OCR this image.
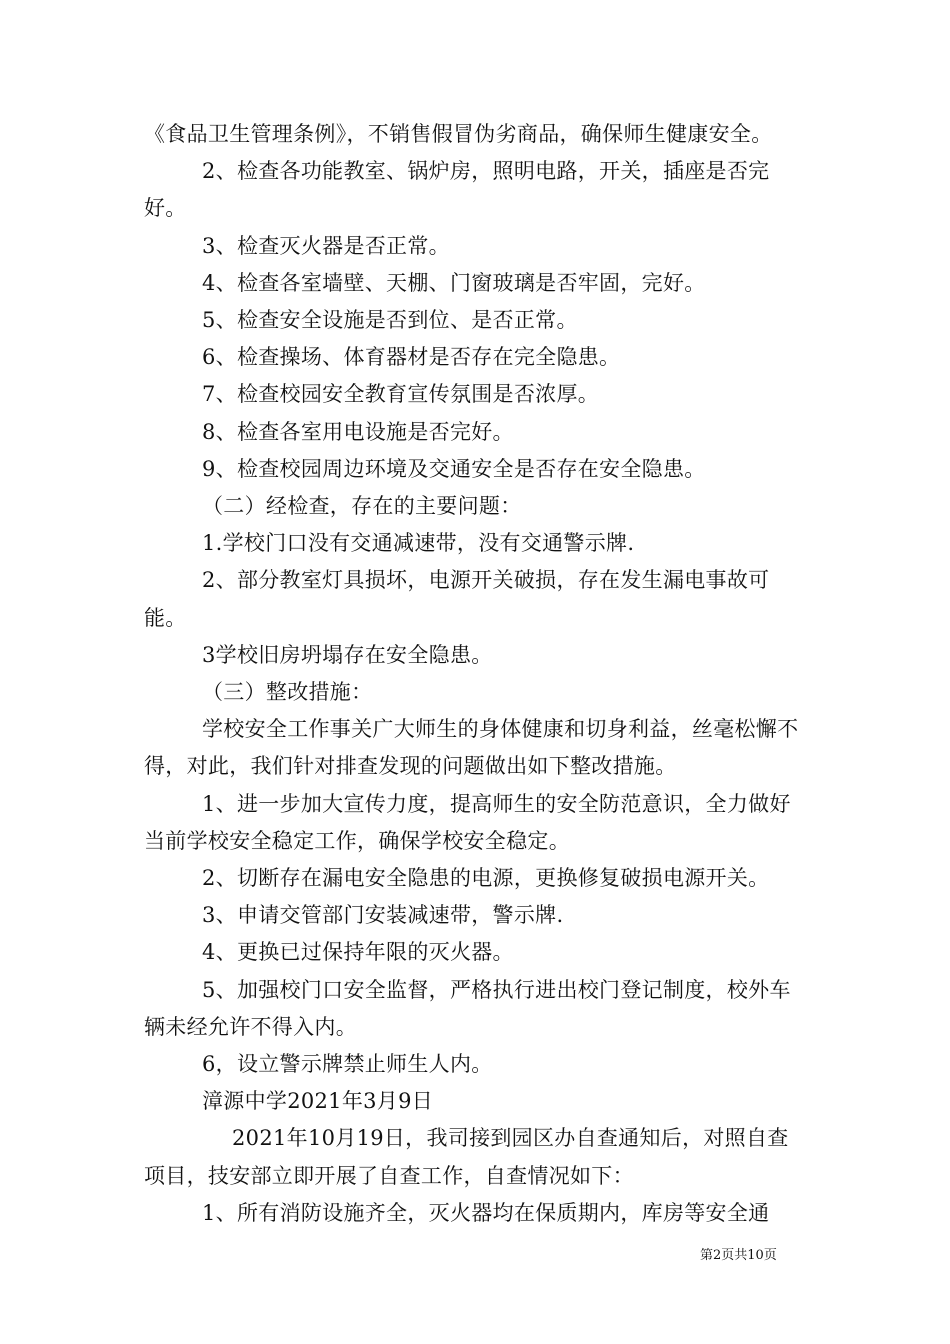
《食品卫生管理条例》，不销售假冒伪劣商品，确保师生健康安全。

2、检查各功能教室、锅炉房，照明电路，开关，插座是否完好。

3、检查灭火器是否正常。

4、检查各室墙壁、天棚、门窗玻璃是否牢固，完好。

5、检查安全设施是否到位、是否正常。

6、检查操场、体育器材是否存在完全隐患。

7、检查校园安全教育宣传氛围是否浓厚。

8、检查各室用电设施是否完好。

9、检查校园周边环境及交通安全是否存在安全隐患。

（二）经检查，存在的主要问题：

1.学校门口没有交通减速带，没有交通警示牌.

2、部分教室灯具损坏，电源开关破损，存在发生漏电事故可能。

3学校旧房坍塌存在安全隐患。

（三）整改措施：

学校安全工作事关广大师生的身体健康和切身利益，丝毫松懈不得，对此，我们针对排查发现的问题做出如下整改措施。

1、进一步加大宣传力度，提高师生的安全防范意识，全力做好当前学校安全稳定工作，确保学校安全稳定。

2、切断存在漏电安全隐患的电源，更换修复破损电源开关。

3、申请交管部门安装减速带，警示牌.

4、更换已过保持年限的灭火器。

5、加强校门口安全监督，严格执行进出校门登记制度，校外车辆未经允许不得入内。

6，设立警示牌禁止师生人内。

漳源中学2021年3月9日

2021年10月19日，我司接到园区办自查通知后，对照自查项目，技安部立即开展了自查工作，自查情况如下：

1、所有消防设施齐全，灭火器均在保质期内，库房等安全通

第2页共10页
